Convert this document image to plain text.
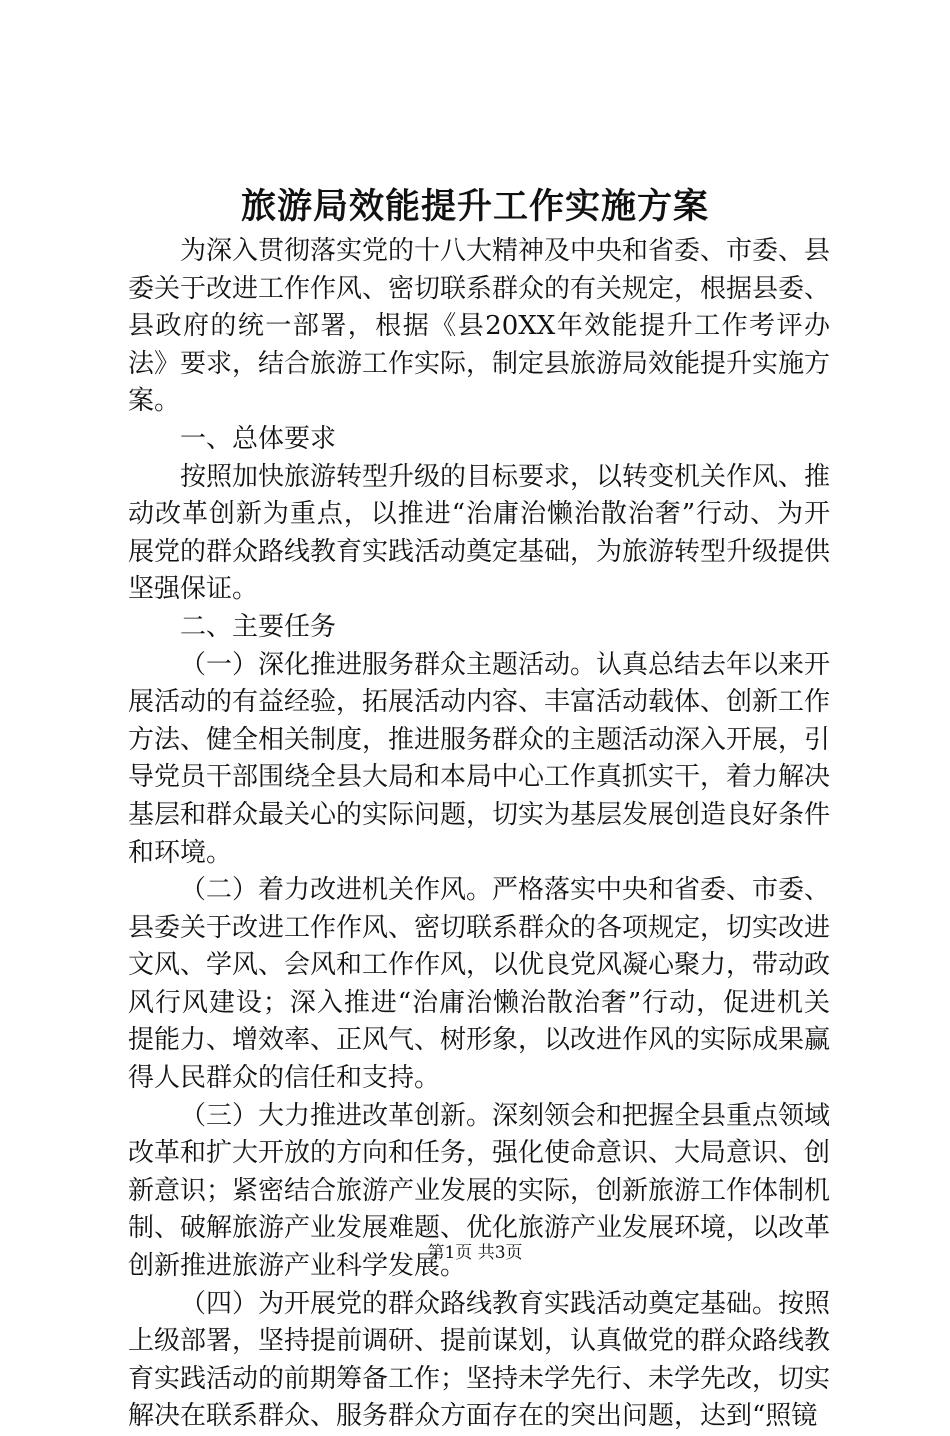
旅游局效能提升工作实施方案

为深入贯彻落实党的十八大精神及中央和省委、市委、县委关于改进工作作风、密切联系群众的有关规定，根据县委、县政府的统一部署，根据《县20XX年效能提升工作考评办法》要求，结合旅游工作实际，制定县旅游局效能提升实施方案。

一、总体要求

按照加快旅游转型升级的目标要求，以转变机关作风、推动改革创新为重点，以推进“治庸治懒治散治奢”行动、为开展党的群众路线教育实践活动奠定基础，为旅游转型升级提供坚强保证。

二、主要任务

（一）深化推进服务群众主题活动。认真总结去年以来开展活动的有益经验，拓展活动内容、丰富活动载体、创新工作方法、健全相关制度，推进服务群众的主题活动深入开展，引导党员干部围绕全县大局和本局中心工作真抓实干，着力解决基层和群众最关心的实际问题，切实为基层发展创造良好条件和环境。

（二）着力改进机关作风。严格落实中央和省委、市委、县委关于改进工作作风、密切联系群众的各项规定，切实改进文风、学风、会风和工作作风，以优良党风凝心聚力，带动政风行风建设；深入推进“治庸治懒治散治奢”行动，促进机关提能力、增效率、正风气、树形象，以改进作风的实际成果赢得人民群众的信任和支持。

（三）大力推进改革创新。深刻领会和把握全县重点领域改革和扩大开放的方向和任务，强化使命意识、大局意识、创新意识；紧密结合旅游产业发展的实际，创新旅游工作体制机制、破解旅游产业发展难题、优化旅游产业发展环境，以改革创新推进旅游产业科学发展。

（四）为开展党的群众路线教育实践活动奠定基础。按照上级部署，坚持提前调研、提前谋划，认真做党的群众路线教育实践活动的前期筹备工作；坚持未学先行、未学先改，切实解决在联系群众、服务群众方面存在的突出问题，达到“照镜

第1页 共3页
